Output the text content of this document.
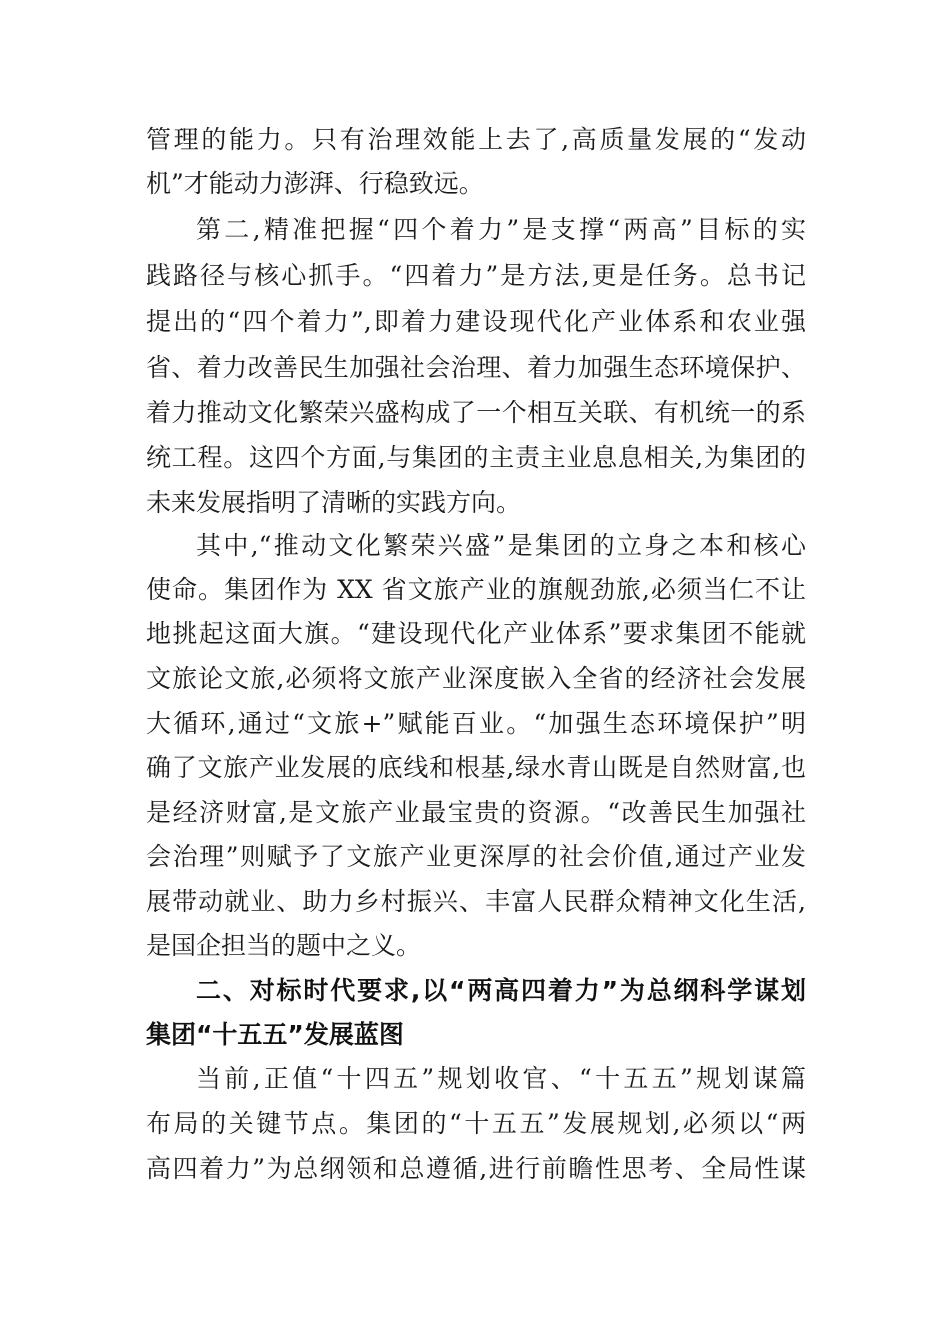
管理的能力。只有治理效能上去了,高质量发展的“发动
机”才能动力澎湃、行稳致远。
第二,精准把握“四个着力”是支撑“两高”目标的实
践路径与核心抓手。“四着力”是方法,更是任务。总书记
提出的“四个着力”,即着力建设现代化产业体系和农业强
省、着力改善民生加强社会治理、着力加强生态环境保护、
着力推动文化繁荣兴盛构成了一个相互关联、有机统一的系
统工程。这四个方面,与集团的主责主业息息相关,为集团的
未来发展指明了清晰的实践方向。
其中,“推动文化繁荣兴盛”是集团的立身之本和核心
使命。集团作为 XX 省文旅产业的旗舰劲旅,必须当仁不让
地挑起这面大旗。“建设现代化产业体系”要求集团不能就
文旅论文旅,必须将文旅产业深度嵌入全省的经济社会发展
大循环,通过“文旅+”赋能百业。“加强生态环境保护”明
确了文旅产业发展的底线和根基,绿水青山既是自然财富,也
是经济财富,是文旅产业最宝贵的资源。“改善民生加强社
会治理”则赋予了文旅产业更深厚的社会价值,通过产业发
展带动就业、助力乡村振兴、丰富人民群众精神文化生活,
是国企担当的题中之义。
二、对标时代要求,以“两高四着力”为总纲科学谋划
集团“十五五”发展蓝图
当前,正值“十四五”规划收官、“十五五”规划谋篇
布局的关键节点。集团的“十五五”发展规划,必须以“两
高四着力”为总纲领和总遵循,进行前瞻性思考、全局性谋
